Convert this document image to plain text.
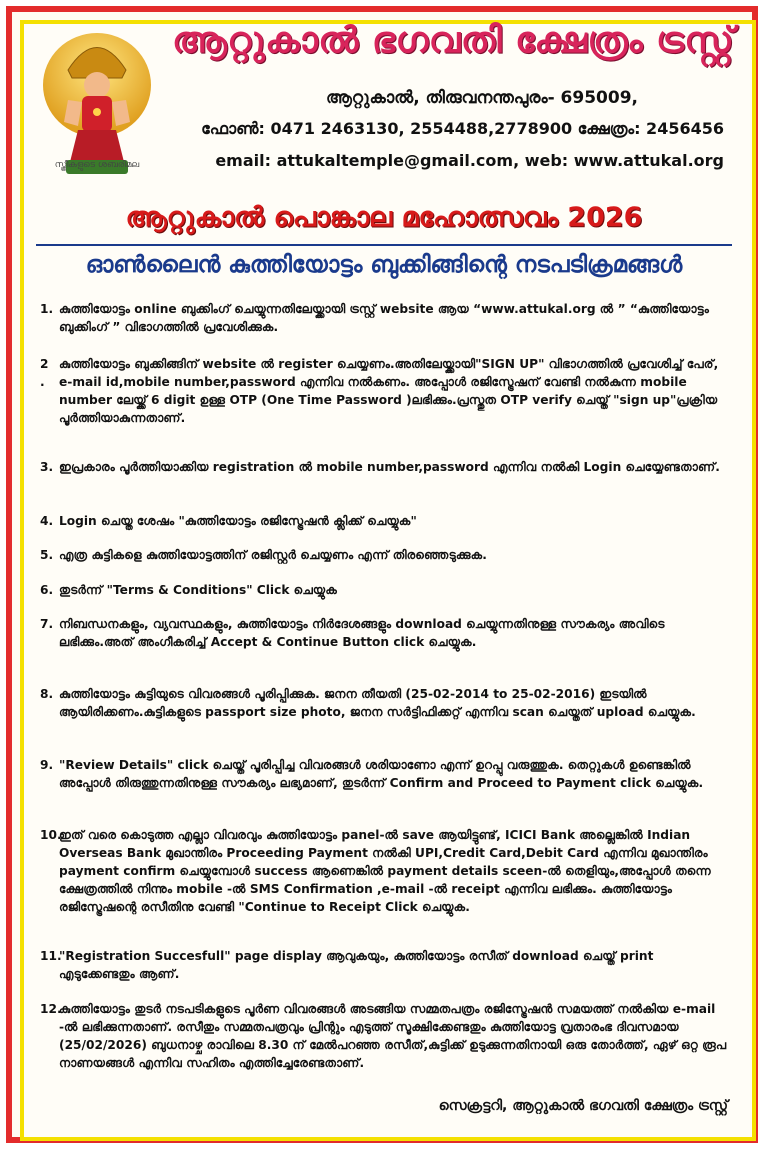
സ്ത്രീകളുടെ ശബരിമല
ആറ്റുകാൽ ഭഗവതി ക്ഷേത്രം ട്രസ്റ്റ്
ആറ്റുകാൽ, തിരുവനന്തപുരം- 695009,
ഫോൺ: 0471 2463130, 2554488,2778900 ക്ഷേത്രം: 2456456
email: attukaltemple@gmail.com, web: www.attukal.org
ആറ്റുകാൽ പൊങ്കാല മഹോത്സവം 2026
ഓൺലൈൻ കുത്തിയോട്ടം ബുക്കിങ്ങിന്റെ നടപടിക്രമങ്ങൾ
1. കുത്തിയോട്ടം online ബുക്കിംഗ് ചെയ്യുന്നതിലേയ്ക്കായി ട്രസ്റ്റ് website ആയ “www.attukal.org ൽ ” “കുത്തിയോട്ടം ബുക്കിംഗ് ” വിഭാഗത്തിൽ പ്രവേശിക്കുക.
2 .
കുത്തിയോട്ടം ബുക്കിങ്ങിന് website ൽ register ചെയ്യണം.അതിലേയ്ക്കായി"SIGN UP" വിഭാഗത്തിൽ പ്രവേശിച്ച് പേര്, e-mail id,mobile number,password എന്നിവ നൽകണം. അപ്പോൾ രജിസ്ട്രേഷന് വേണ്ടി നൽകുന്ന mobile number ലേയ്ക്ക് 6 digit ഉള്ള OTP (One Time Password )ലഭിക്കും.പ്രസ്തുത OTP verify ചെയ്ത് "sign up"പ്രക്രിയ പൂർത്തിയാകുന്നതാണ്.
3. ഇപ്രകാരം പൂർത്തിയാക്കിയ registration ൽ mobile number,password എന്നിവ നൽകി Login ചെയ്യേണ്ടതാണ്.
4. Login ചെയ്ത ശേഷം "കുത്തിയോട്ടം രജിസ്ട്രേഷൻ ക്ലിക്ക് ചെയ്യുക"
5. എത്ര കുട്ടികളെ കുത്തിയോട്ടത്തിന് രജിസ്റ്റർ ചെയ്യണം എന്ന് തിരഞ്ഞെടുക്കുക.
6. തുടർന്ന് "Terms & Conditions" Click ചെയ്യുക
7. നിബന്ധനകളും, വ്യവസ്ഥകളും, കുത്തിയോട്ടം നിർദേശങ്ങളും download ചെയ്യുന്നതിനുള്ള സൗകര്യം അവിടെ ലഭിക്കും.അത് അംഗീകരിച്ച് Accept & Continue Button click ചെയ്യുക.
8. കുത്തിയോട്ടം കുട്ടിയുടെ വിവരങ്ങൾ പൂരിപ്പിക്കുക. ജനന തീയതി (25-02-2014 to 25-02-2016) ഇടയിൽ ആയിരിക്കണം.കുട്ടികളുടെ passport size photo, ജനന സർട്ടിഫിക്കറ്റ് എന്നിവ scan ചെയ്തത് upload ചെയ്യുക.
9. "Review Details" click ചെയ്ത് പൂരിപ്പിച്ച വിവരങ്ങൾ ശരിയാണോ എന്ന് ഉറപ്പു വരുത്തുക. തെറ്റുകൾ ഉണ്ടെങ്കിൽ അപ്പോൾ തിരുത്തുന്നതിനുള്ള സൗകര്യം ലഭ്യമാണ്, തുടർന്ന് Confirm and Proceed to Payment click ചെയ്യുക.
10.
ഇത് വരെ കൊടുത്ത എല്ലാ വിവരവും കുത്തിയോട്ടം panel-ൽ save ആയിട്ടുണ്ട്, ICICI Bank അല്ലെങ്കിൽ Indian Overseas Bank മുഖാന്തിരം Proceeding Payment നൽകി UPI,Credit Card,Debit Card എന്നിവ മുഖാന്തിരം payment confirm ചെയ്യുമ്പോൾ success ആണെങ്കിൽ payment details sceen-ൽ തെളിയും,അപ്പോൾ തന്നെ ക്ഷേത്രത്തിൽ നിന്നും mobile -ൽ SMS Confirmation ,e-mail -ൽ receipt എന്നിവ ലഭിക്കും. കുത്തിയോട്ടം രജിസ്ട്രേഷന്റെ രസീതിനു വേണ്ടി "Continue to Receipt Click ചെയ്യുക.
11.
"Registration Succesfull" page display ആവുകയും, കുത്തിയോട്ടം രസീത് download ചെയ്ത് print എടുക്കേണ്ടതും ആണ്.
12.
കുത്തിയോട്ടം തുടർ നടപടികളുടെ പൂർണ വിവരങ്ങൾ അടങ്ങിയ സമ്മതപത്രം രജിസ്ട്രേഷൻ സമയത്ത് നൽകിയ e-mail -ൽ ലഭിക്കുന്നതാണ്. രസീതും സമ്മതപത്രവും പ്രിന്റും എടുത്ത് സൂക്ഷിക്കേണ്ടതും കുത്തിയോട്ട വ്രതാരംഭ ദിവസമായ (25/02/2026) ബുധനാഴ്ച രാവിലെ 8.30 ന് മേൽപറഞ്ഞ രസീത്,കുട്ടിക്ക് ഉടുക്കുന്നതിനായി ഒരു തോർത്ത്, ഏഴ് ഒറ്റ രൂപ നാണയങ്ങൾ എന്നിവ സഹിതം എത്തിച്ചേരേണ്ടതാണ്.
സെക്രട്ടറി, ആറ്റുകാൽ ഭഗവതി ക്ഷേത്രം ട്രസ്റ്റ്
